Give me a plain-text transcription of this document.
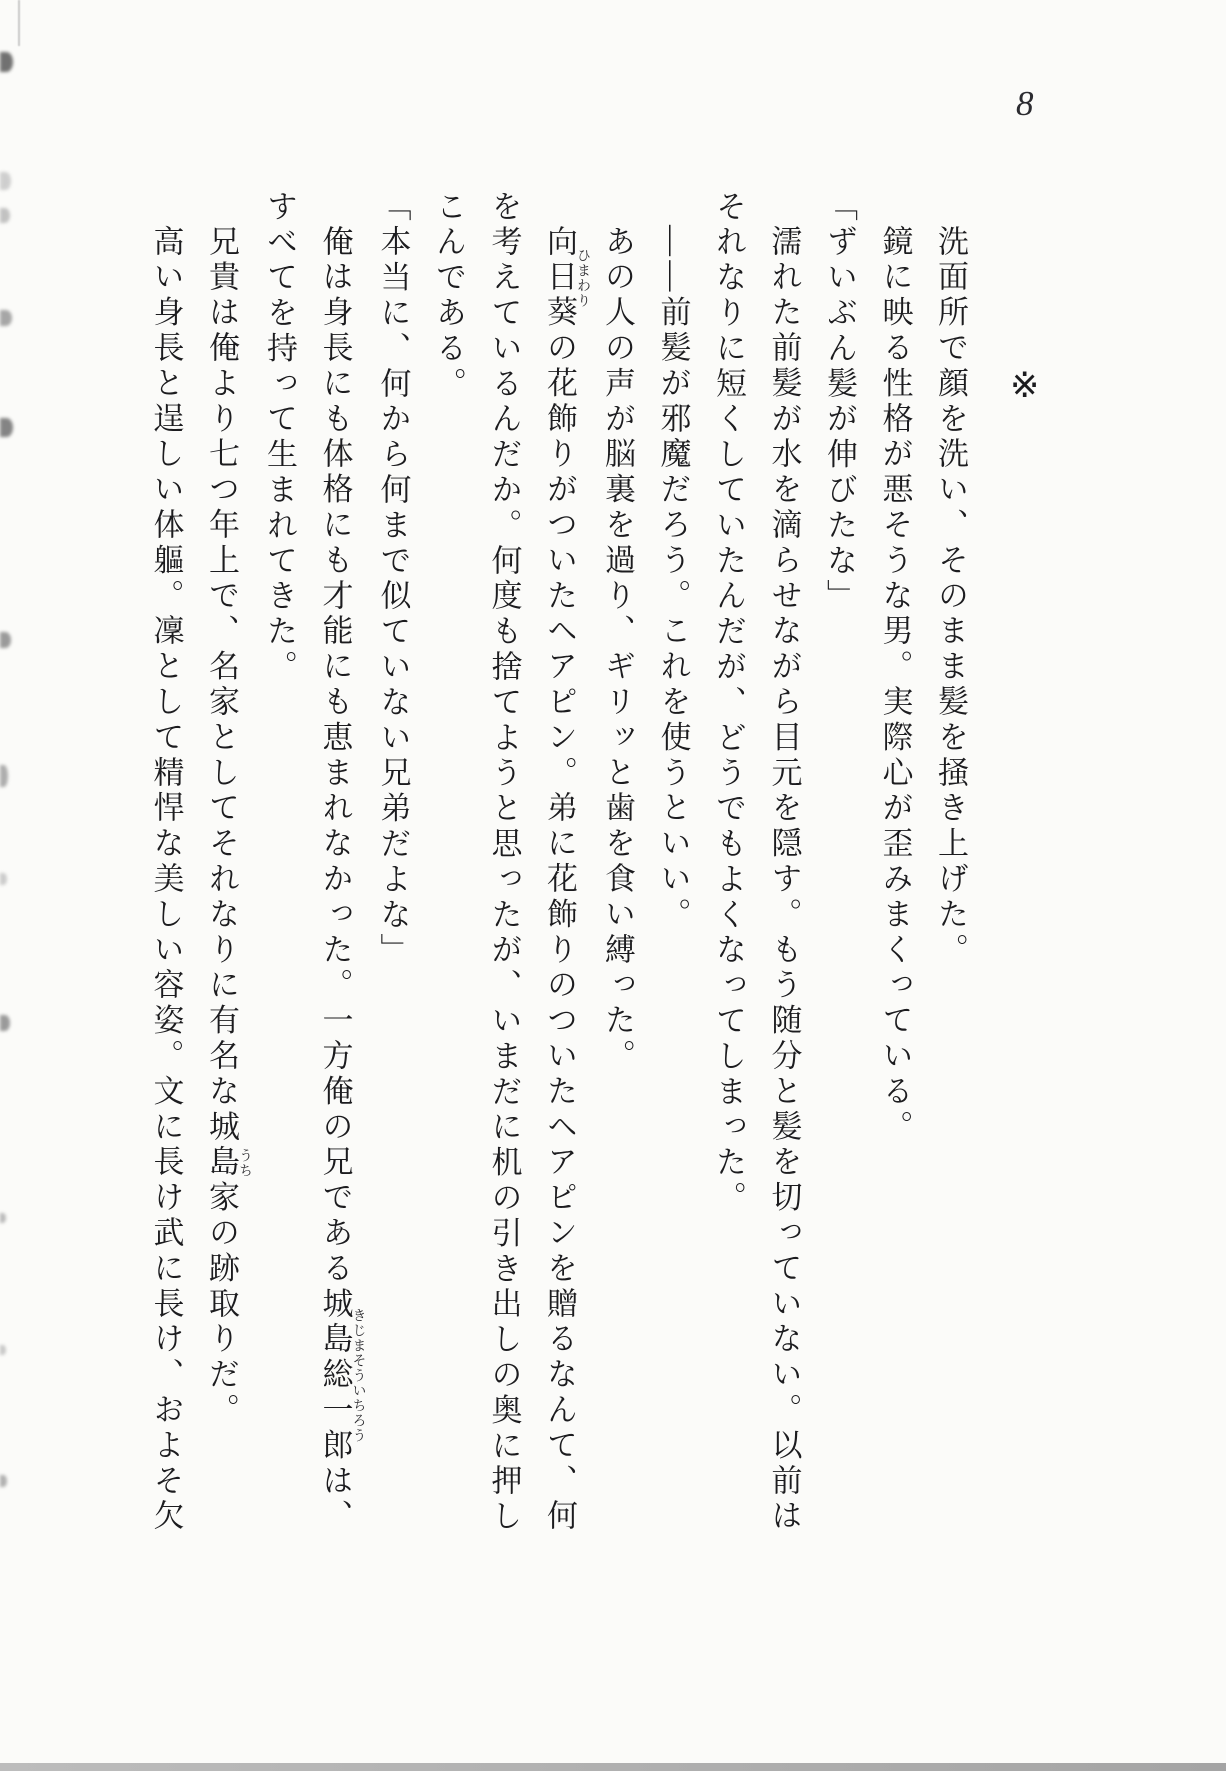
8
※

洗面所で顔を洗い、そのまま髪を掻き上げた。

鏡に映る性格が悪そうな男。実際心が歪みまくっている。

「ずいぶん髪が伸びたな」

濡れた前髪が水を滴らせながら目元を隠す。もう随分と髪を切っていない。以前はそれなりに短くしていたんだが、どうでもよくなってしまった。

――前髪が邪魔だろう。これを使うといい。

あの人の声が脳裏を過り、ギリッと歯を食い縛った。

向日葵ひまわりの花飾りがついたヘアピン。弟に花飾りのついたヘアピンを贈るなんて、何を考えているんだか。何度も捨てようと思ったが、いまだに机の引き出しの奥に押しこんである。

「本当に、何から何まで似ていない兄弟だよな」

俺は身長にも体格にも才能にも恵まれなかった。一方俺の兄である城島総一郎きじまそういちろうは、すべてを持って生まれてきた。

兄貴は俺より七つ年上で、名家としてそれなりに有名な城島家うちの跡取りだ。

高い身長と逞しい体軀。凜として精悍な美しい容姿。文に長け武に長け、およそ欠
